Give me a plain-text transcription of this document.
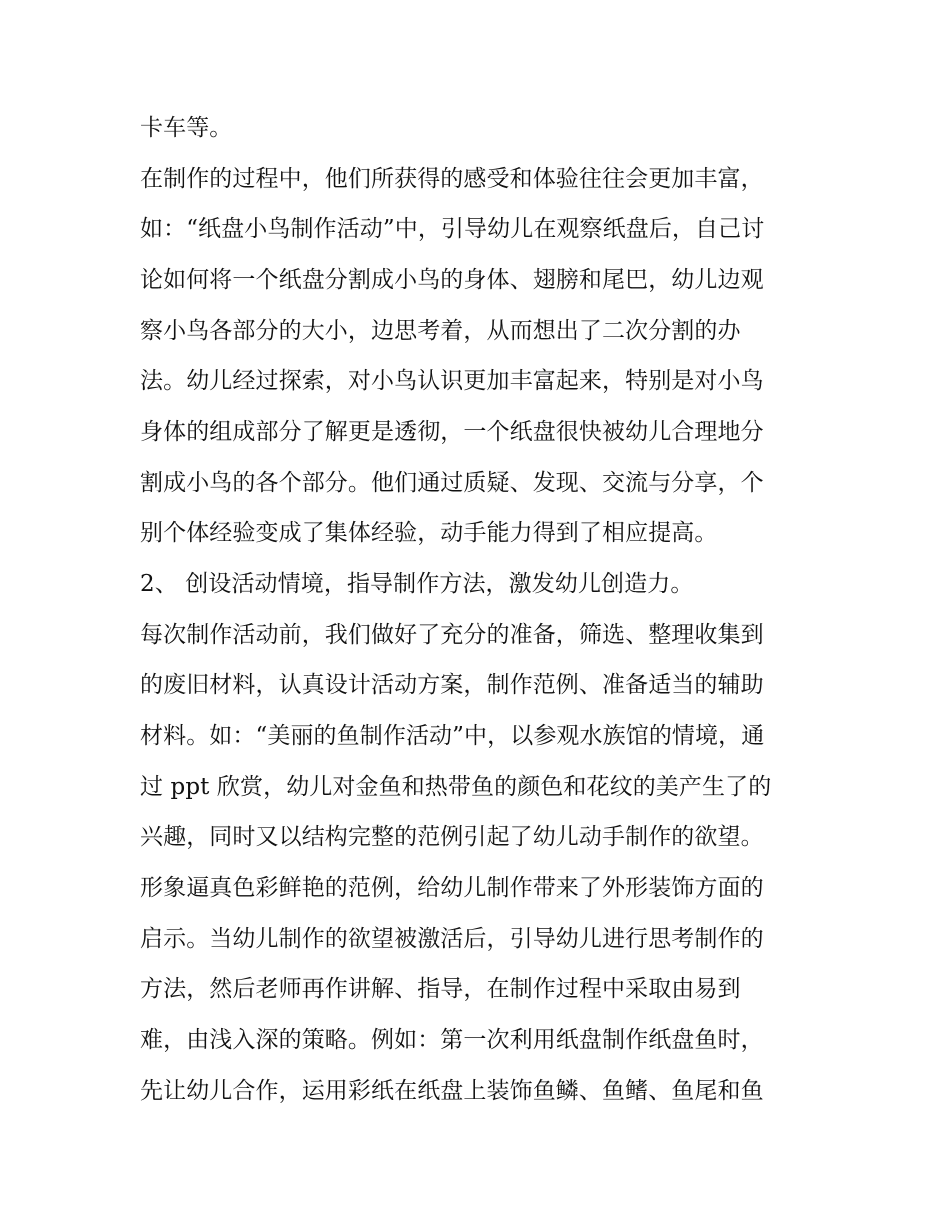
卡车等。

在制作的过程中，他们所获得的感受和体验往往会更加丰富，

如：“纸盘小鸟制作活动”中，引导幼儿在观察纸盘后，自己讨

论如何将一个纸盘分割成小鸟的身体、翅膀和尾巴，幼儿边观

察小鸟各部分的大小，边思考着，从而想出了二次分割的办

法。幼儿经过探索，对小鸟认识更加丰富起来，特别是对小鸟

身体的组成部分了解更是透彻，一个纸盘很快被幼儿合理地分

割成小鸟的各个部分。他们通过质疑、发现、交流与分享，个

别个体经验变成了集体经验，动手能力得到了相应提高。

2、 创设活动情境，指导制作方法，激发幼儿创造力。

每次制作活动前，我们做好了充分的准备，筛选、整理收集到

的废旧材料，认真设计活动方案，制作范例、准备适当的辅助

材料。如：“美丽的鱼制作活动”中，以参观水族馆的情境，通

过 ppt 欣赏，幼儿对金鱼和热带鱼的颜色和花纹的美产生了的

兴趣，同时又以结构完整的范例引起了幼儿动手制作的欲望。

形象逼真色彩鲜艳的范例，给幼儿制作带来了外形装饰方面的

启示。当幼儿制作的欲望被激活后，引导幼儿进行思考制作的

方法，然后老师再作讲解、指导，在制作过程中采取由易到

难，由浅入深的策略。例如：第一次利用纸盘制作纸盘鱼时，

先让幼儿合作，运用彩纸在纸盘上装饰鱼鳞、鱼鳍、鱼尾和鱼
